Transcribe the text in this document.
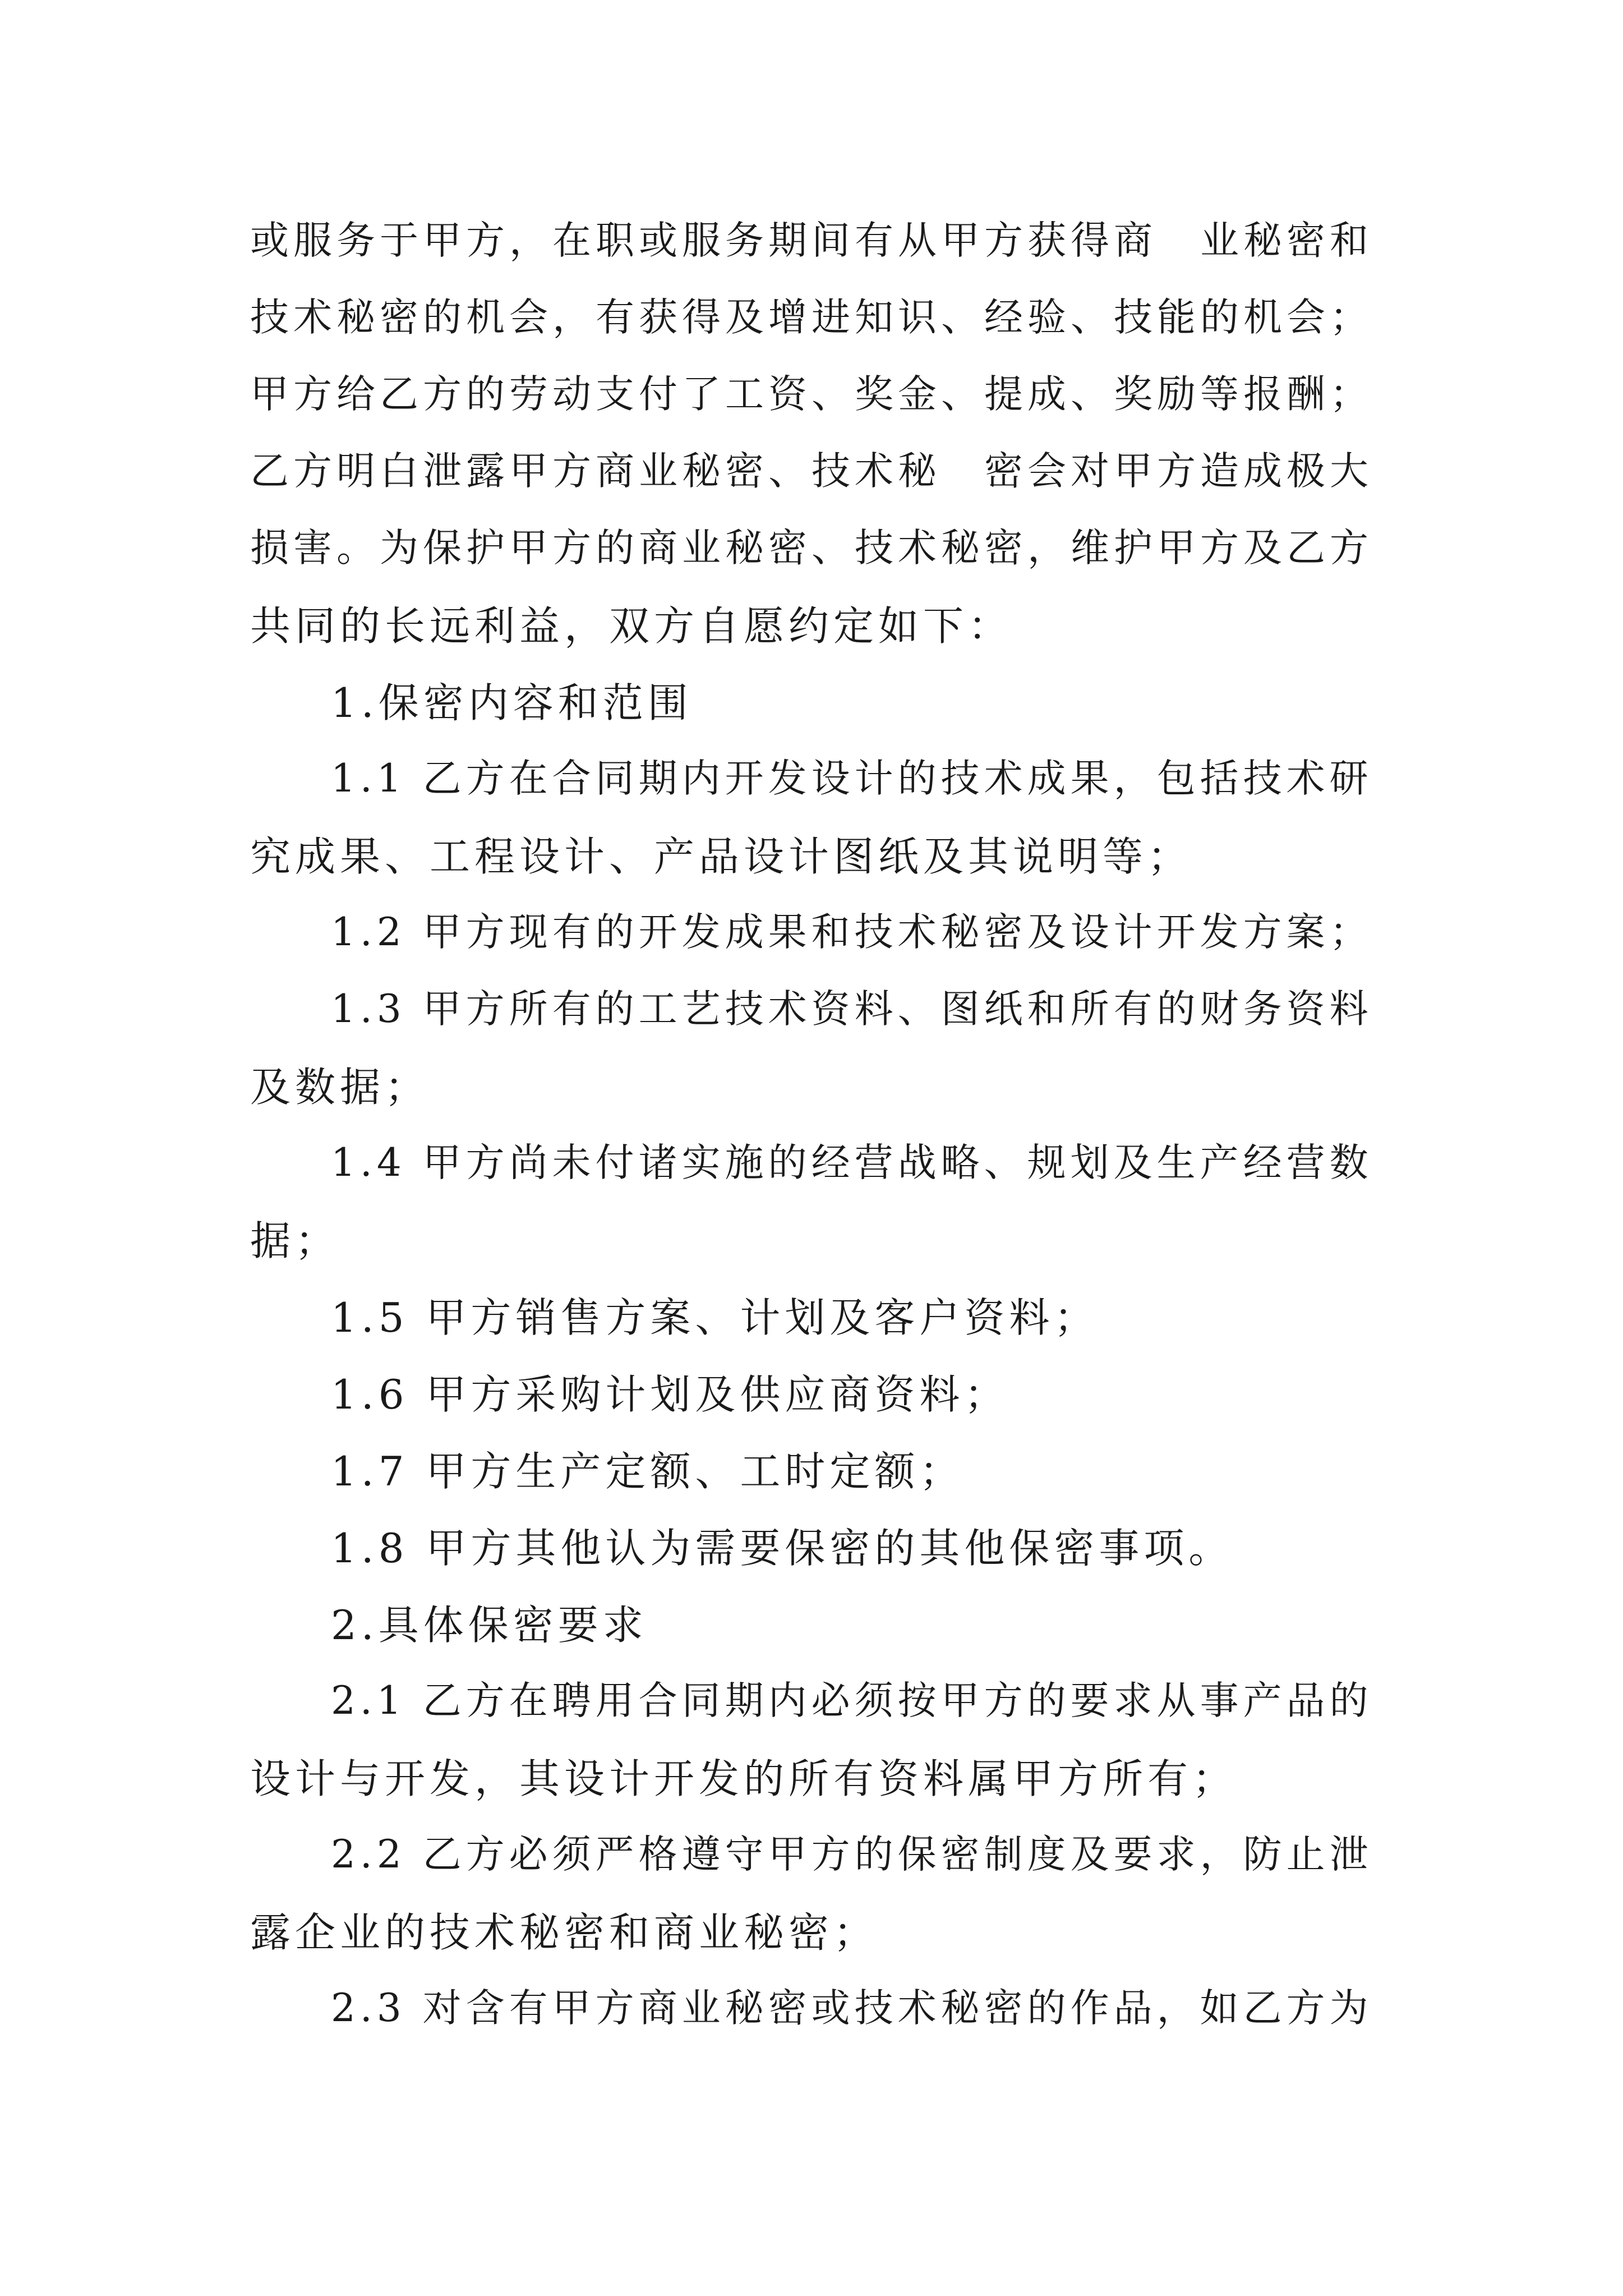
或服务于甲方，在职或服务期间有从甲方获得商　业秘密和
技术秘密的机会，有获得及增进知识、经验、技能的机会；
甲方给乙方的劳动支付了工资、奖金、提成、奖励等报酬；
乙方明白泄露甲方商业秘密、技术秘　密会对甲方造成极大
损害。为保护甲方的商业秘密、技术秘密，维护甲方及乙方
共同的长远利益，双方自愿约定如下：
1.保密内容和范围
1.1 乙方在合同期内开发设计的技术成果，包括技术研
究成果、工程设计、产品设计图纸及其说明等；
1.2 甲方现有的开发成果和技术秘密及设计开发方案；
1.3 甲方所有的工艺技术资料、图纸和所有的财务资料
及数据；
1.4 甲方尚未付诸实施的经营战略、规划及生产经营数
据；
1.5 甲方销售方案、计划及客户资料；
1.6 甲方采购计划及供应商资料；
1.7 甲方生产定额、工时定额；
1.8 甲方其他认为需要保密的其他保密事项。
2.具体保密要求
2.1 乙方在聘用合同期内必须按甲方的要求从事产品的
设计与开发，其设计开发的所有资料属甲方所有；
2.2 乙方必须严格遵守甲方的保密制度及要求，防止泄
露企业的技术秘密和商业秘密；
2.3 对含有甲方商业秘密或技术秘密的作品，如乙方为
